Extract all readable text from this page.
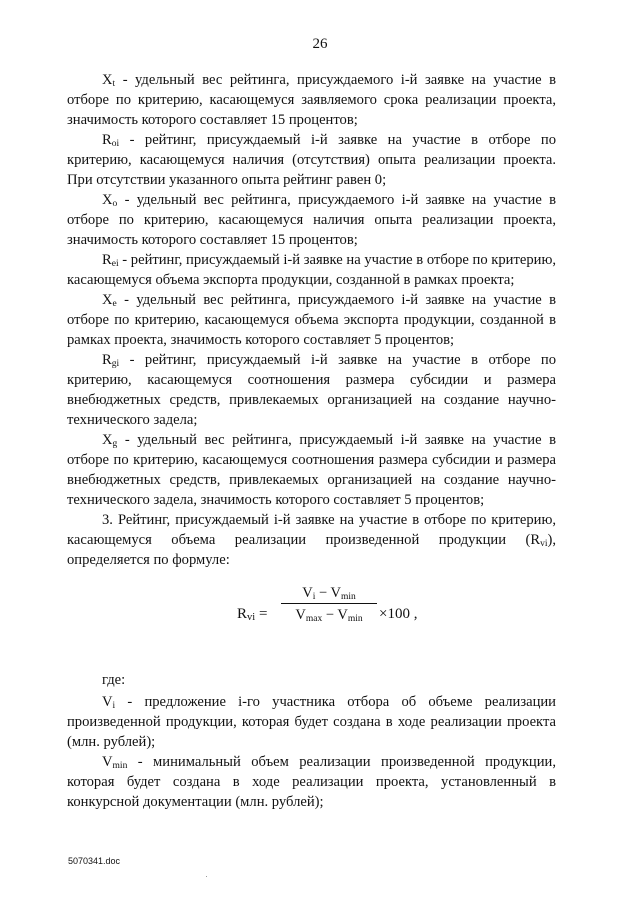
26

$X_t$ - удельный вес рейтинга, присуждаемого i-й заявке на участие в отборе по критерию, касающемуся заявляемого срока реализации проекта, значимость которого составляет 15 процентов;

$R_{oi}$ - рейтинг, присуждаемый i-й заявке на участие в отборе по критерию, касающемуся наличия (отсутствия) опыта реализации проекта. При отсутствии указанного опыта рейтинг равен 0;

$X_o$ - удельный вес рейтинга, присуждаемого i-й заявке на участие в отборе по критерию, касающемуся наличия опыта реализации проекта, значимость которого составляет 15 процентов;

$R_{ei}$ - рейтинг, присуждаемый i-й заявке на участие в отборе по критерию, касающемуся объема экспорта продукции, созданной в рамках проекта;

$X_e$ - удельный вес рейтинга, присуждаемого i-й заявке на участие в отборе по критерию, касающемуся объема экспорта продукции, созданной в рамках проекта, значимость которого составляет 5 процентов;

$R_{gi}$ - рейтинг, присуждаемый i-й заявке на участие в отборе по критерию, касающемуся соотношения размера субсидии и размера внебюджетных средств, привлекаемых организацией на создание научно-технического задела;

$X_g$ - удельный вес рейтинга, присуждаемый i-й заявке на участие в отборе по критерию, касающемуся соотношения размера субсидии и размера внебюджетных средств, привлекаемых организацией на создание научно-технического задела, значимость которого составляет 5 процентов;

3. Рейтинг, присуждаемый i-й заявке на участие в отборе по критерию, касающемуся объема реализации произведенной продукции $(R_{vi})$, определяется по формуле:

$R_{vi}$ =
$V_i - V_{min}$
$V_{max} - V_{min}$	×100 ,

где:

$V_i$ - предложение i-го участника отбора об объеме реализации произведенной продукции, которая будет создана в ходе реализации проекта (млн. рублей);

$V_{min}$ - минимальный объем реализации произведенной продукции, которая будет создана в ходе реализации проекта, установленный в конкурсной документации (млн. рублей);

5070341.doc
